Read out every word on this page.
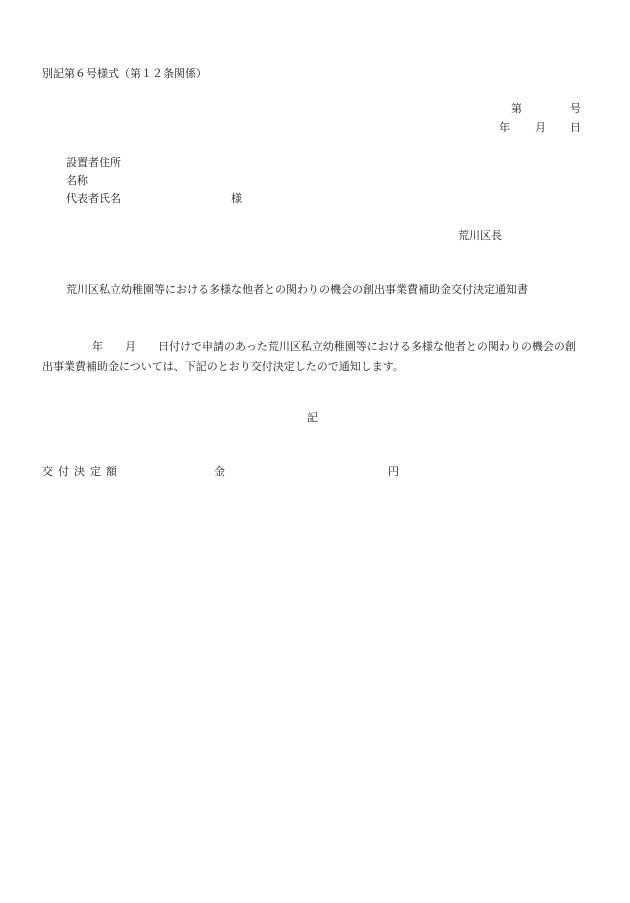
別記第６号様式（第１２条関係）
第	号
年 月 日
設置者住所
名称
代表者氏名	様
荒川区長
荒川区私立幼稚園等における多様な他者との関わりの機会の創出事業費補助金交付決定通知書
年 月 日付けで申請のあった荒川区私立幼稚園等における多様な他者との関わりの機会の創出事業費補助金については、下記のとおり交付決定したので通知します。
記
交付決定額	金	円
